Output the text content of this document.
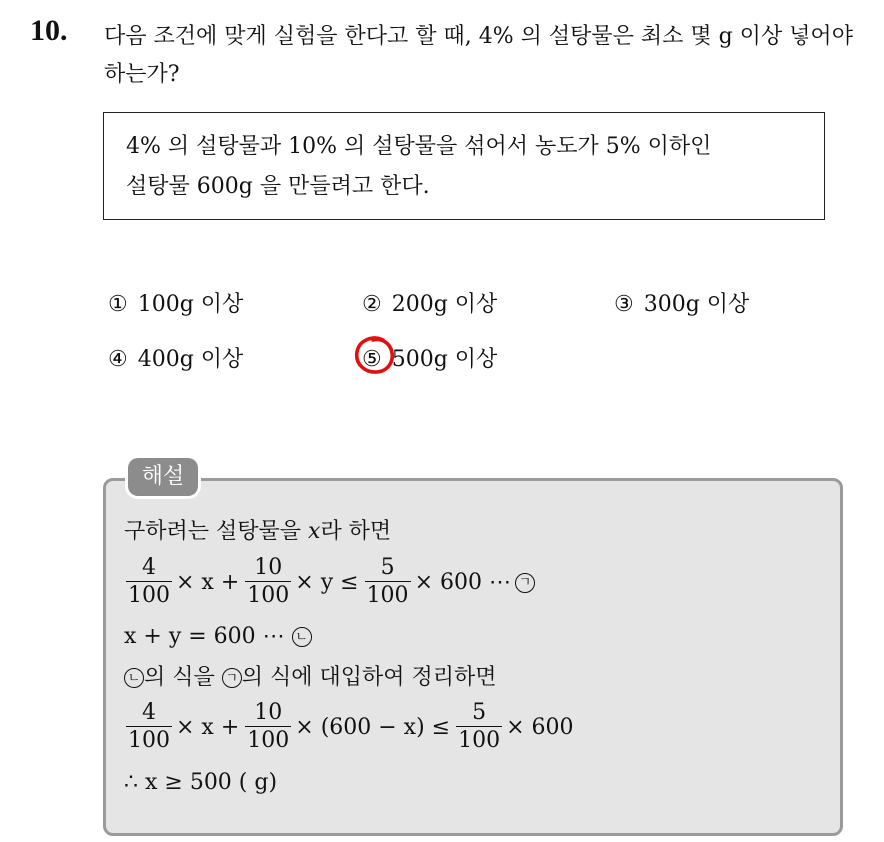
10. 다음 조건에 맞게 실험을 한다고 할 때, 4% 의 설탕물은 최소 몇 g 이상 넣어야 하는가?
4% 의 설탕물과 10% 의 설탕물을 섞어서 농도가 5% 이하인
설탕물 600g 을 만들려고 한다.
① 100g 이상	② 200g 이상	③ 300g 이상
④ 400g 이상	⑤ 500g 이상
해설
구하려는 설탕물을 x라 하면
$\frac{4}{100} \times x + \frac{10}{100} \times y \le \frac{5}{100} \times 600$ ⋯ ㄱ
x + y = 600 ⋯ ㄴ
ㄴ 의 식을 ㄱ 의 식에 대입하여 정리하면
$\frac{4}{100} \times x + \frac{10}{100} \times (600 - x) \le \frac{5}{100} \times 600$
∴ x ≥ 500 ( g)
